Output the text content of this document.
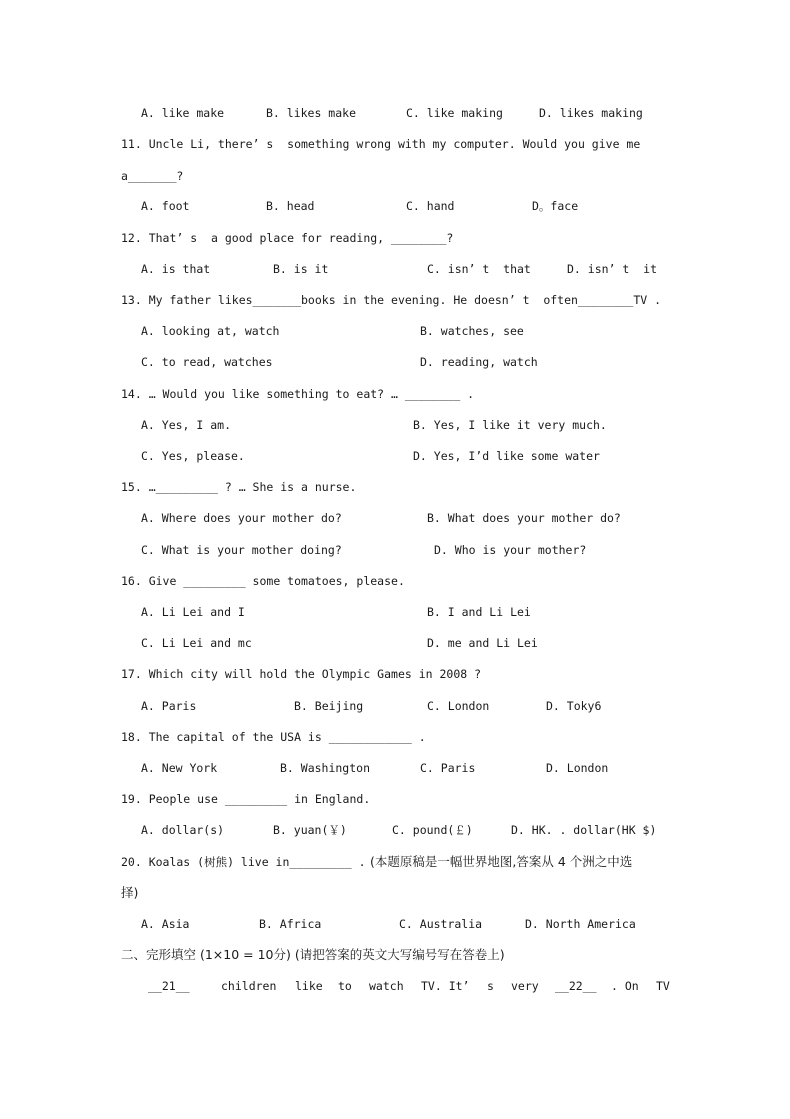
A. like make	B. likes make	C. like making	D. likes making
11. Uncle Li, there’ s  something wrong with my computer. Would you give me
a_______?
A. foot	B. head	C. hand	D。face
12. That’ s  a good place for reading, ________?
A. is that	B. is it	C. isn’ t  that	D. isn’ t  it
13. My father likes_______books in the evening. He doesn’ t  often________TV .
A. looking at, watch	B. watches, see
C. to read, watches	D. reading, watch
14. … Would you like something to eat? … ________ .
A. Yes, I am.	B. Yes, I like it very much.
C. Yes, please.	D. Yes, I’d like some water
15. …_________ ? … She is a nurse.
A. Where does your mother do?	B. What does your mother do?
C. What is your mother doing?	D. Who is your mother?
16. Give _________ some tomatoes, please.
A. Li Lei and I	B. I and Li Lei
C. Li Lei and mc	D. me and Li Lei
17. Which city will hold the Olympic Games in 2008 ?
A. Paris	B. Beijing	C. London	D. Toky6
18. The capital of the USA is ____________ .
A. New York	B. Washington	C. Paris	D. London
19. People use _________ in England.
A. dollar(s)	B. yuan(￥)	C. pound(￡)	D. HK. . dollar(HK $)
20. Koalas (树熊) live in_________ . (本题原稿是一幅世界地图,答案从 4 个洲之中选
择)
A. Asia	B. Africa	C. Australia	D. North America
二、完形填空 (1×10 = 10分) (请把答案的英文大写编号写在答卷上)
__21__	children like to watch TV. It’ s very __22__ . On TV
